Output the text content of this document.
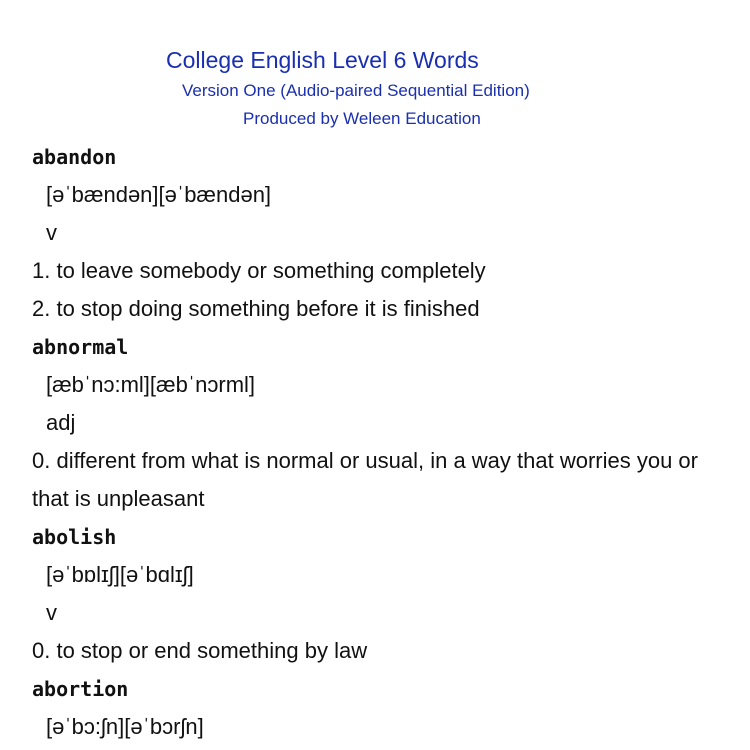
College English Level 6 Words
Version One (Audio-paired Sequential Edition)
Produced by Weleen Education
abandon
[əˈbændən][əˈbændən]
v
1. to leave somebody or something completely
2. to stop doing something before it is finished
abnormal
[æbˈnɔ:ml][æbˈnɔrml]
adj
0. different from what is normal or usual, in a way that worries you or that is unpleasant
abolish
[əˈbɒlɪʃ][əˈbɑlɪʃ]
v
0. to stop or end something by law
abortion
[əˈbɔ:ʃn][əˈbɔrʃn]
